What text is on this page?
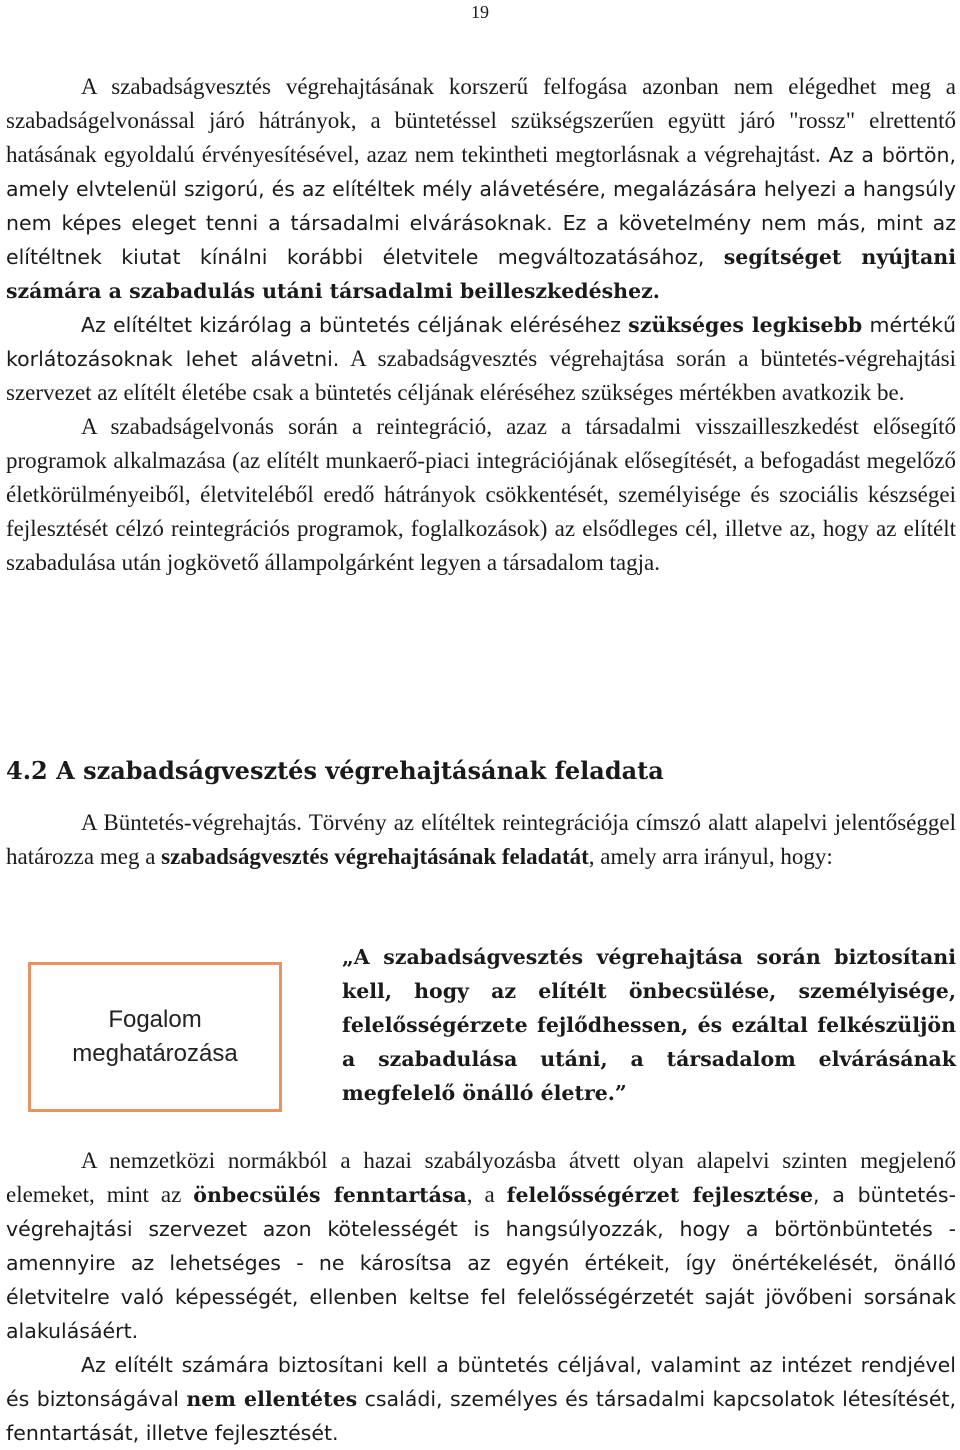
19

A szabadságvesztés végrehajtásának korszerű felfogása azonban nem elégedhet meg a szabadságelvonással járó hátrányok, a büntetéssel szükségszerűen együtt járó "rossz" elrettentő hatásának egyoldalú érvényesítésével, azaz nem tekintheti megtorlásnak a végrehajtást. Az a börtön, amely elvtelenül szigorú, és az elítéltek mély alávetésére, megalázására helyezi a hangsúly nem képes eleget tenni a társadalmi elvárásoknak. Ez a követelmény nem más, mint az elítéltnek kiutat kínálni korábbi életvitele megváltozatásához, segítséget nyújtani számára a szabadulás utáni társadalmi beilleszkedéshez.

Az elítéltet kizárólag a büntetés céljának eléréséhez szükséges legkisebb mértékű korlátozásoknak lehet alávetni. A szabadságvesztés végrehajtása során a büntetés-végrehajtási szervezet az elítélt életébe csak a büntetés céljának eléréséhez szükséges mértékben avatkozik be.

A szabadságelvonás során a reintegráció, azaz a társadalmi visszailleszkedést elősegítő programok alkalmazása (az elítélt munkaerő-piaci integrációjának elősegítését, a befogadást megelőző életkörülményeiből, életviteléből eredő hátrányok csökkentését, személyisége és szociális készségei fejlesztését célzó reintegrációs programok, foglalkozások) az elsődleges cél, illetve az, hogy az elítélt szabadulása után jogkövető állampolgárként legyen a társadalom tagja.

4.2 A szabadságvesztés végrehajtásának feladata

A Büntetés-végrehajtás. Törvény az elítéltek reintegrációja címszó alatt alapelvi jelentőséggel határozza meg a szabadságvesztés végrehajtásának feladatát, amely arra irányul, hogy:

Fogalom
meghatározása

„A szabadságvesztés végrehajtása során biztosítani kell, hogy az elítélt önbecsülése, személyisége, felelősségérzete fejlődhessen, és ezáltal felkészüljön a szabadulása utáni, a társadalom elvárásának megfelelő önálló életre.”

A nemzetközi normákból a hazai szabályozásba átvett olyan alapelvi szinten megjelenő elemeket, mint az önbecsülés fenntartása, a felelősségérzet fejlesztése, a büntetés-végrehajtási szervezet azon kötelességét is hangsúlyozzák, hogy a börtönbüntetés - amennyire az lehetséges - ne károsítsa az egyén értékeit, így önértékelését, önálló életvitelre való képességét, ellenben keltse fel felelősségérzetét saját jövőbeni sorsának alakulásáért.

Az elítélt számára biztosítani kell a büntetés céljával, valamint az intézet rendjével és biztonságával nem ellentétes családi, személyes és társadalmi kapcsolatok létesítését, fenntartását, illetve fejlesztését.
